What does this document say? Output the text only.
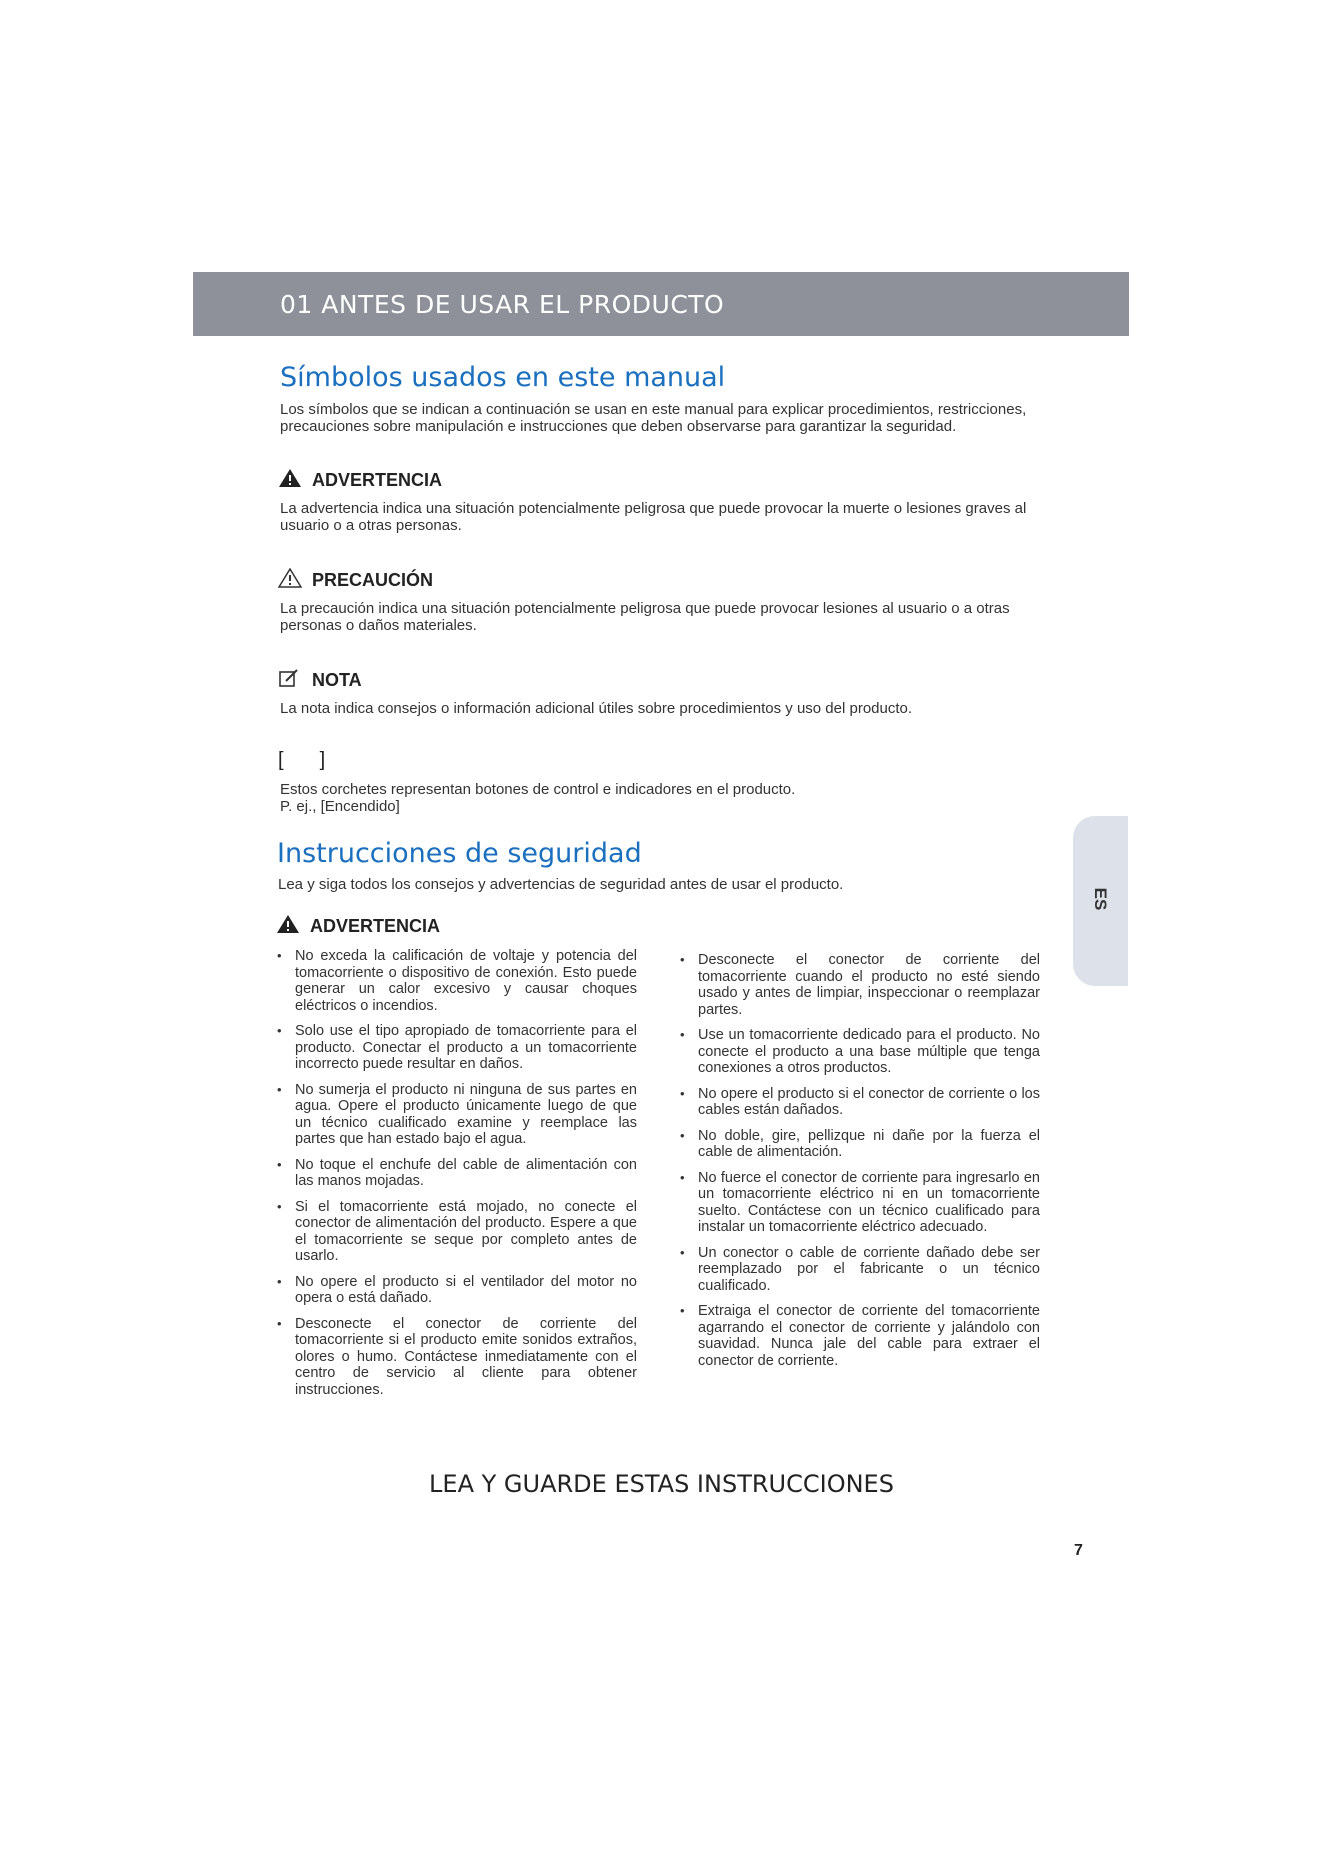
01 ANTES DE USAR EL PRODUCTO
Símbolos usados en este manual

Los símbolos que se indican a continuación se usan en este manual para explicar procedimientos, restricciones, precauciones sobre manipulación e instrucciones que deben observarse para garantizar la seguridad.

ADVERTENCIA

La advertencia indica una situación potencialmente peligrosa que puede provocar la muerte o lesiones graves al usuario o a otras personas.

PRECAUCIÓN

La precaución indica una situación potencialmente peligrosa que puede provocar lesiones al usuario o a otras personas o daños materiales.

NOTA

La nota indica consejos o información adicional útiles sobre procedimientos y uso del producto.

[ ]

Estos corchetes representan botones de control e indicadores en el producto.

P. ej., [Encendido]

Instrucciones de seguridad

Lea y siga todos los consejos y advertencias de seguridad antes de usar el producto.

ADVERTENCIA
• No exceda la calificación de voltaje y potencia del tomacorriente o dispositivo de conexión. Esto puede generar un calor excesivo y causar choques eléctricos o incendios.
• Solo use el tipo apropiado de tomacorriente para el producto. Conectar el producto a un tomacorriente incorrecto puede resultar en daños.
• No sumerja el producto ni ninguna de sus partes en agua. Opere el producto únicamente luego de que un técnico cualificado examine y reemplace las partes que han estado bajo el agua.
• No toque el enchufe del cable de alimentación con las manos mojadas.
• Si el tomacorriente está mojado, no conecte el conector de alimentación del producto. Espere a que el tomacorriente se seque por completo antes de usarlo.
• No opere el producto si el ventilador del motor no opera o está dañado.
• Desconecte el conector de corriente del tomacorriente si el producto emite sonidos extraños, olores o humo. Contáctese inmediatamente con el centro de servicio al cliente para obtener instrucciones.
• Desconecte el conector de corriente del tomacorriente cuando el producto no esté siendo usado y antes de limpiar, inspeccionar o reemplazar partes.
• Use un tomacorriente dedicado para el producto. No conecte el producto a una base múltiple que tenga conexiones a otros productos.
• No opere el producto si el conector de corriente o los cables están dañados.
• No doble, gire, pellizque ni dañe por la fuerza el cable de alimentación.
• No fuerce el conector de corriente para ingresarlo en un tomacorriente eléctrico ni en un tomacorriente suelto. Contáctese con un técnico cualificado para instalar un tomacorriente eléctrico adecuado.
• Un conector o cable de corriente dañado debe ser reemplazado por el fabricante o un técnico cualificado.
• Extraiga el conector de corriente del tomacorriente agarrando el conector de corriente y jalándolo con suavidad. Nunca jale del cable para extraer el conector de corriente.
ES
LEA Y GUARDE ESTAS INSTRUCCIONES
7
